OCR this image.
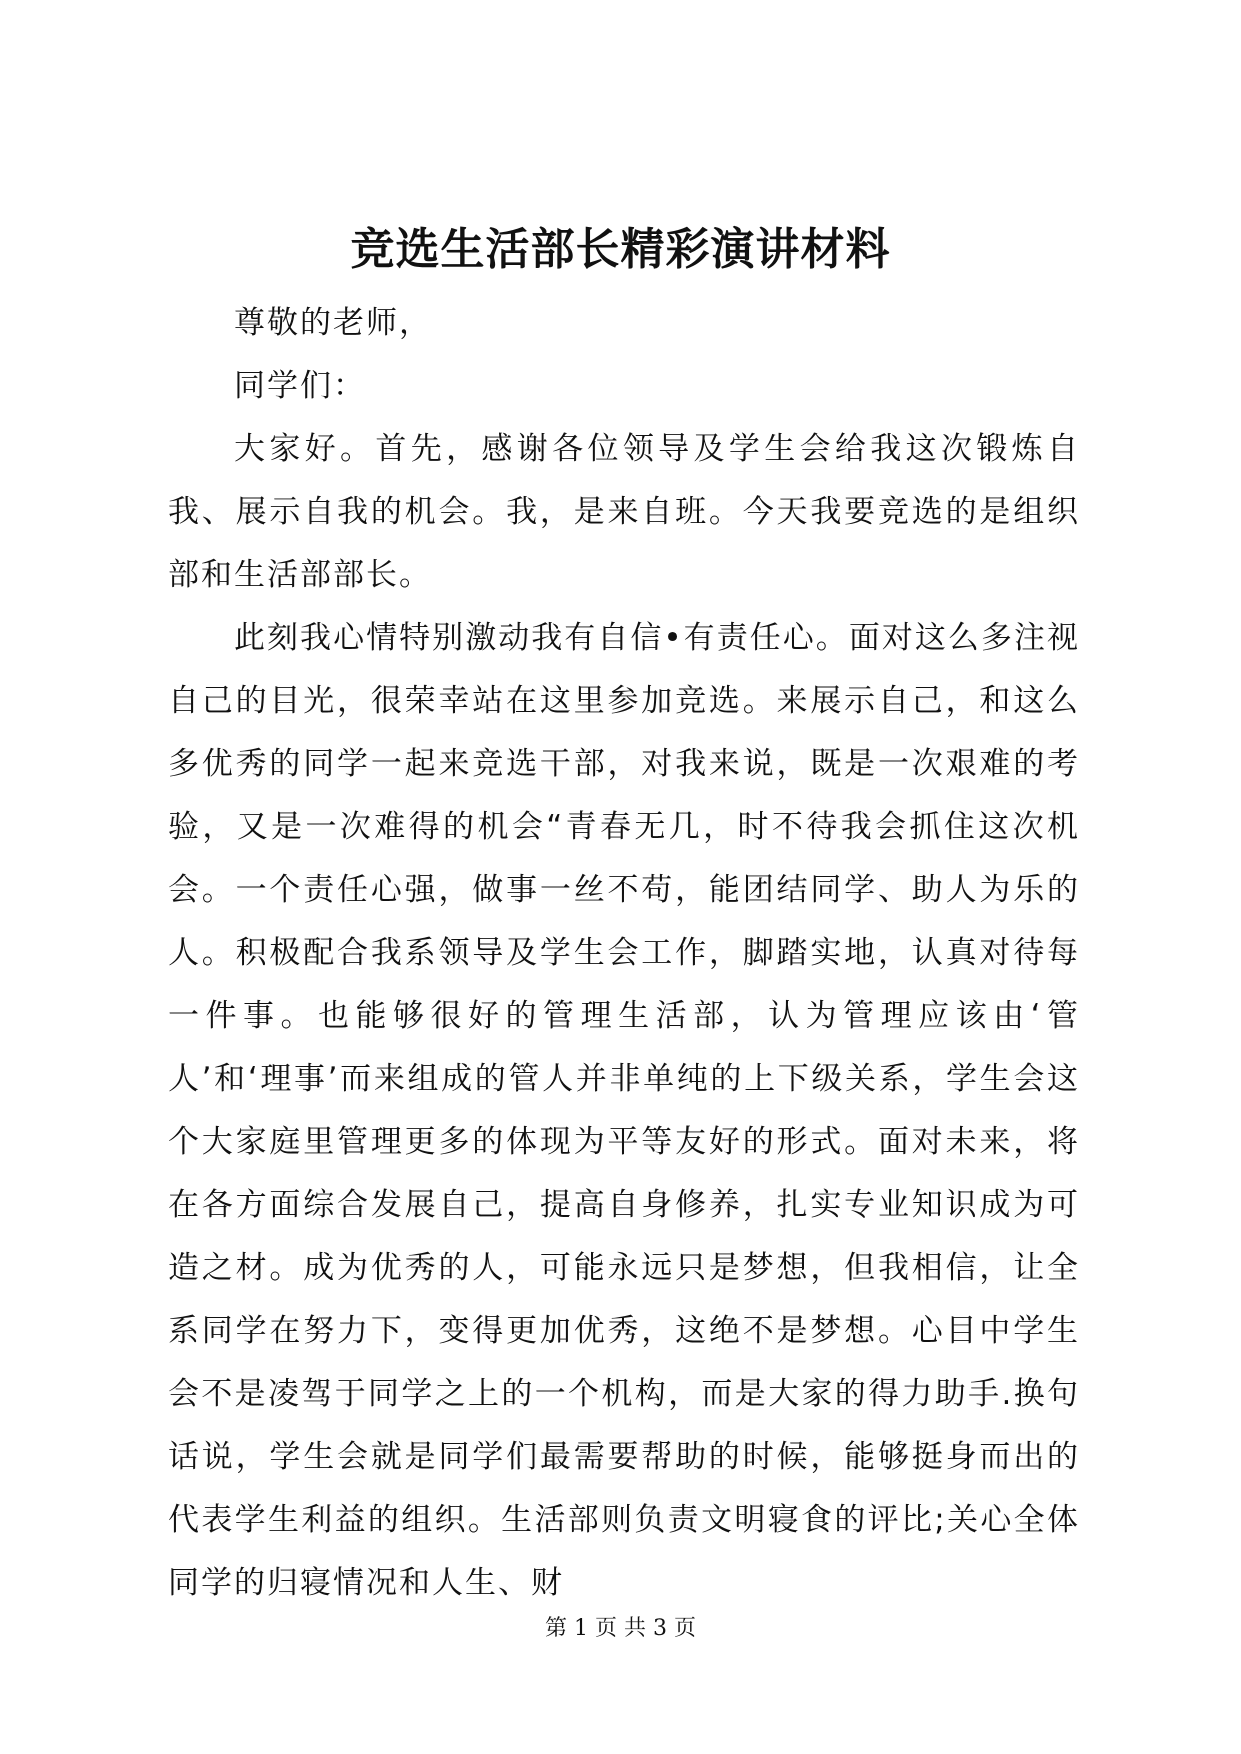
竞选生活部长精彩演讲材料

尊敬的老师，

同学们：

大家好。首先，感谢各位领导及学生会给我这次锻炼自我、展示自我的机会。我，是来自班。今天我要竞选的是组织部和生活部部长。

此刻我心情特别激动我有自信•有责任心。面对这么多注视自己的目光，很荣幸站在这里参加竞选。来展示自己，和这么多优秀的同学一起来竞选干部，对我来说，既是一次艰难的考验，又是一次难得的机会“青春无几，时不待我会抓住这次机会。一个责任心强，做事一丝不苟，能团结同学、助人为乐的人。积极配合我系领导及学生会工作，脚踏实地，认真对待每一件事。也能够很好的管理生活部，认为管理应该由‘管人’和‘理事’而来组成的管人并非单纯的上下级关系，学生会这个大家庭里管理更多的体现为平等友好的形式。面对未来，将在各方面综合发展自己，提高自身修养，扎实专业知识成为可造之材。成为优秀的人，可能永远只是梦想，但我相信，让全系同学在努力下，变得更加优秀，这绝不是梦想。心目中学生会不是凌驾于同学之上的一个机构，而是大家的得力助手.换句话说，学生会就是同学们最需要帮助的时候，能够挺身而出的代表学生利益的组织。生活部则负责文明寝食的评比;关心全体同学的归寝情况和人生、财

第 1 页 共 3 页
